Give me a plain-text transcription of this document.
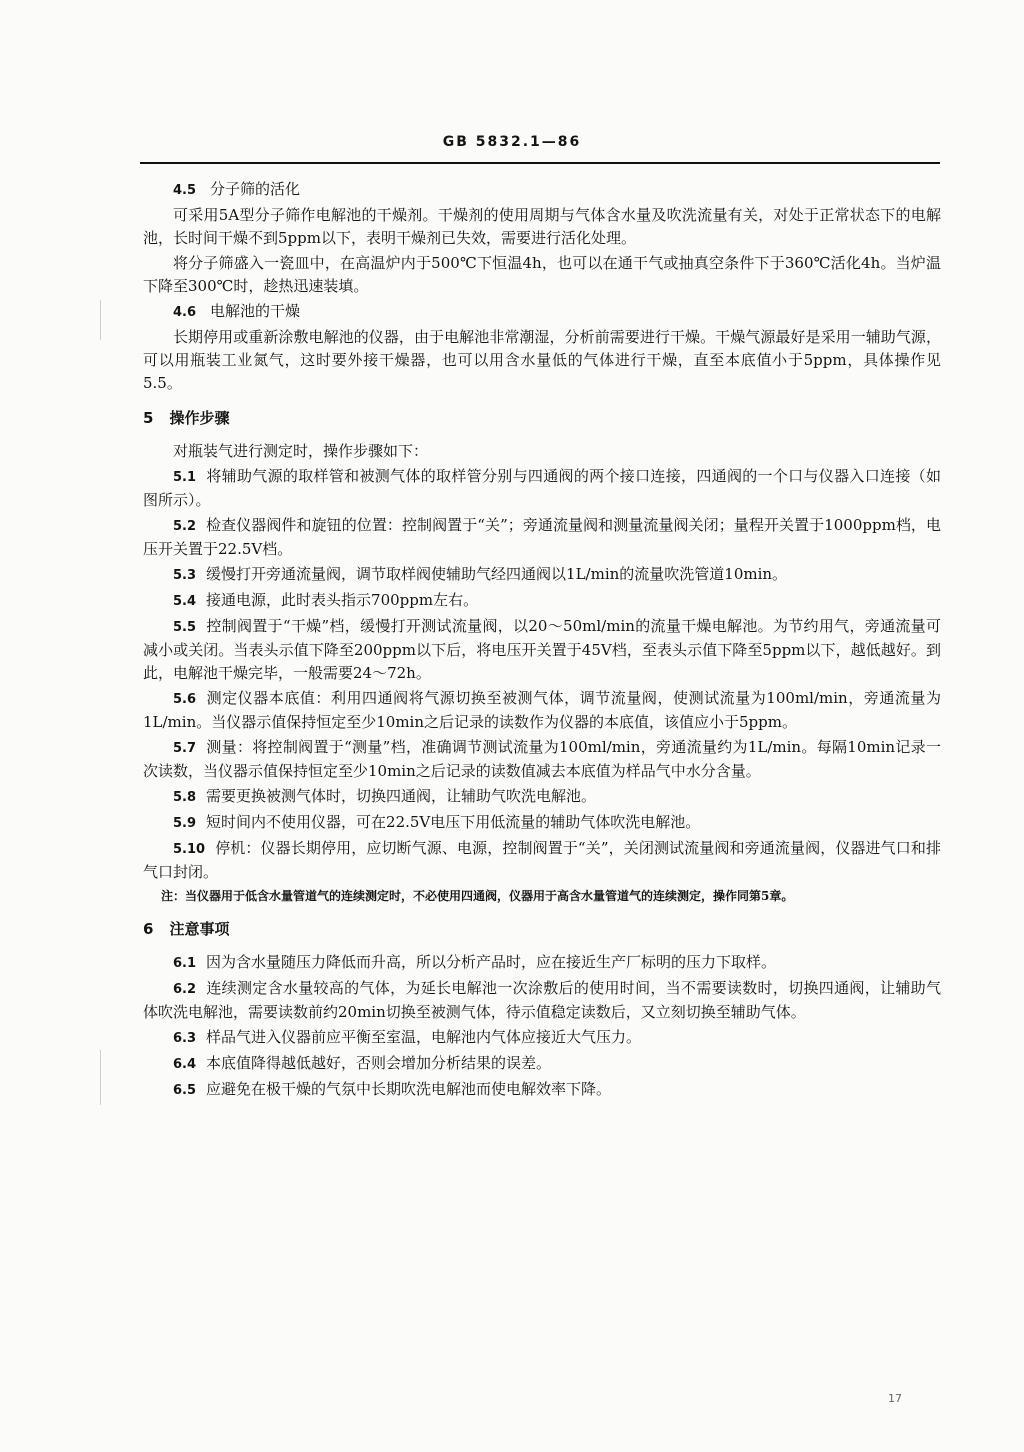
GB 5832.1—86
4.5 分子筛的活化
可采用5A型分子筛作电解池的干燥剂。干燥剂的使用周期与气体含水量及吹洗流量有关，对处于正常状态下的电解池，长时间干燥不到5ppm以下，表明干燥剂已失效，需要进行活化处理。
将分子筛盛入一瓷皿中，在高温炉内于500℃下恒温4h，也可以在通干气或抽真空条件下于360℃活化4h。当炉温下降至300℃时，趁热迅速装填。
4.6 电解池的干燥
长期停用或重新涂敷电解池的仪器，由于电解池非常潮湿，分析前需要进行干燥。干燥气源最好是采用一辅助气源，可以用瓶装工业氮气，这时要外接干燥器，也可以用含水量低的气体进行干燥，直至本底值小于5ppm，具体操作见5.5。
5 操作步骤
对瓶装气进行测定时，操作步骤如下：
5.1 将辅助气源的取样管和被测气体的取样管分别与四通阀的两个接口连接，四通阀的一个口与仪器入口连接（如图所示）。
5.2 检查仪器阀件和旋钮的位置：控制阀置于“关”；旁通流量阀和测量流量阀关闭；量程开关置于1000ppm档，电压开关置于22.5V档。
5.3 缓慢打开旁通流量阀，调节取样阀使辅助气经四通阀以1L/min的流量吹洗管道10min。
5.4 接通电源，此时表头指示700ppm左右。
5.5 控制阀置于“干燥”档，缓慢打开测试流量阀，以20～50ml/min的流量干燥电解池。为节约用气，旁通流量可减小或关闭。当表头示值下降至200ppm以下后，将电压开关置于45V档，至表头示值下降至5ppm以下，越低越好。到此，电解池干燥完毕，一般需要24～72h。
5.6 测定仪器本底值：利用四通阀将气源切换至被测气体，调节流量阀，使测试流量为100ml/min，旁通流量为1L/min。当仪器示值保持恒定至少10min之后记录的读数作为仪器的本底值，该值应小于5ppm。
5.7 测量：将控制阀置于“测量”档，准确调节测试流量为100ml/min，旁通流量约为1L/min。每隔10min记录一次读数，当仪器示值保持恒定至少10min之后记录的读数值减去本底值为样品气中水分含量。
5.8 需要更换被测气体时，切换四通阀，让辅助气吹洗电解池。
5.9 短时间内不使用仪器，可在22.5V电压下用低流量的辅助气体吹洗电解池。
5.10 停机：仪器长期停用，应切断气源、电源，控制阀置于“关”，关闭测试流量阀和旁通流量阀，仪器进气口和排气口封闭。
注：当仪器用于低含水量管道气的连续测定时，不必使用四通阀，仪器用于高含水量管道气的连续测定，操作同第5章。
6 注意事项
6.1 因为含水量随压力降低而升高，所以分析产品时，应在接近生产厂标明的压力下取样。
6.2 连续测定含水量较高的气体，为延长电解池一次涂敷后的使用时间，当不需要读数时，切换四通阀，让辅助气体吹洗电解池，需要读数前约20min切换至被测气体，待示值稳定读数后，又立刻切换至辅助气体。
6.3 样品气进入仪器前应平衡至室温，电解池内气体应接近大气压力。
6.4 本底值降得越低越好，否则会增加分析结果的误差。
6.5 应避免在极干燥的气氛中长期吹洗电解池而使电解效率下降。
17
